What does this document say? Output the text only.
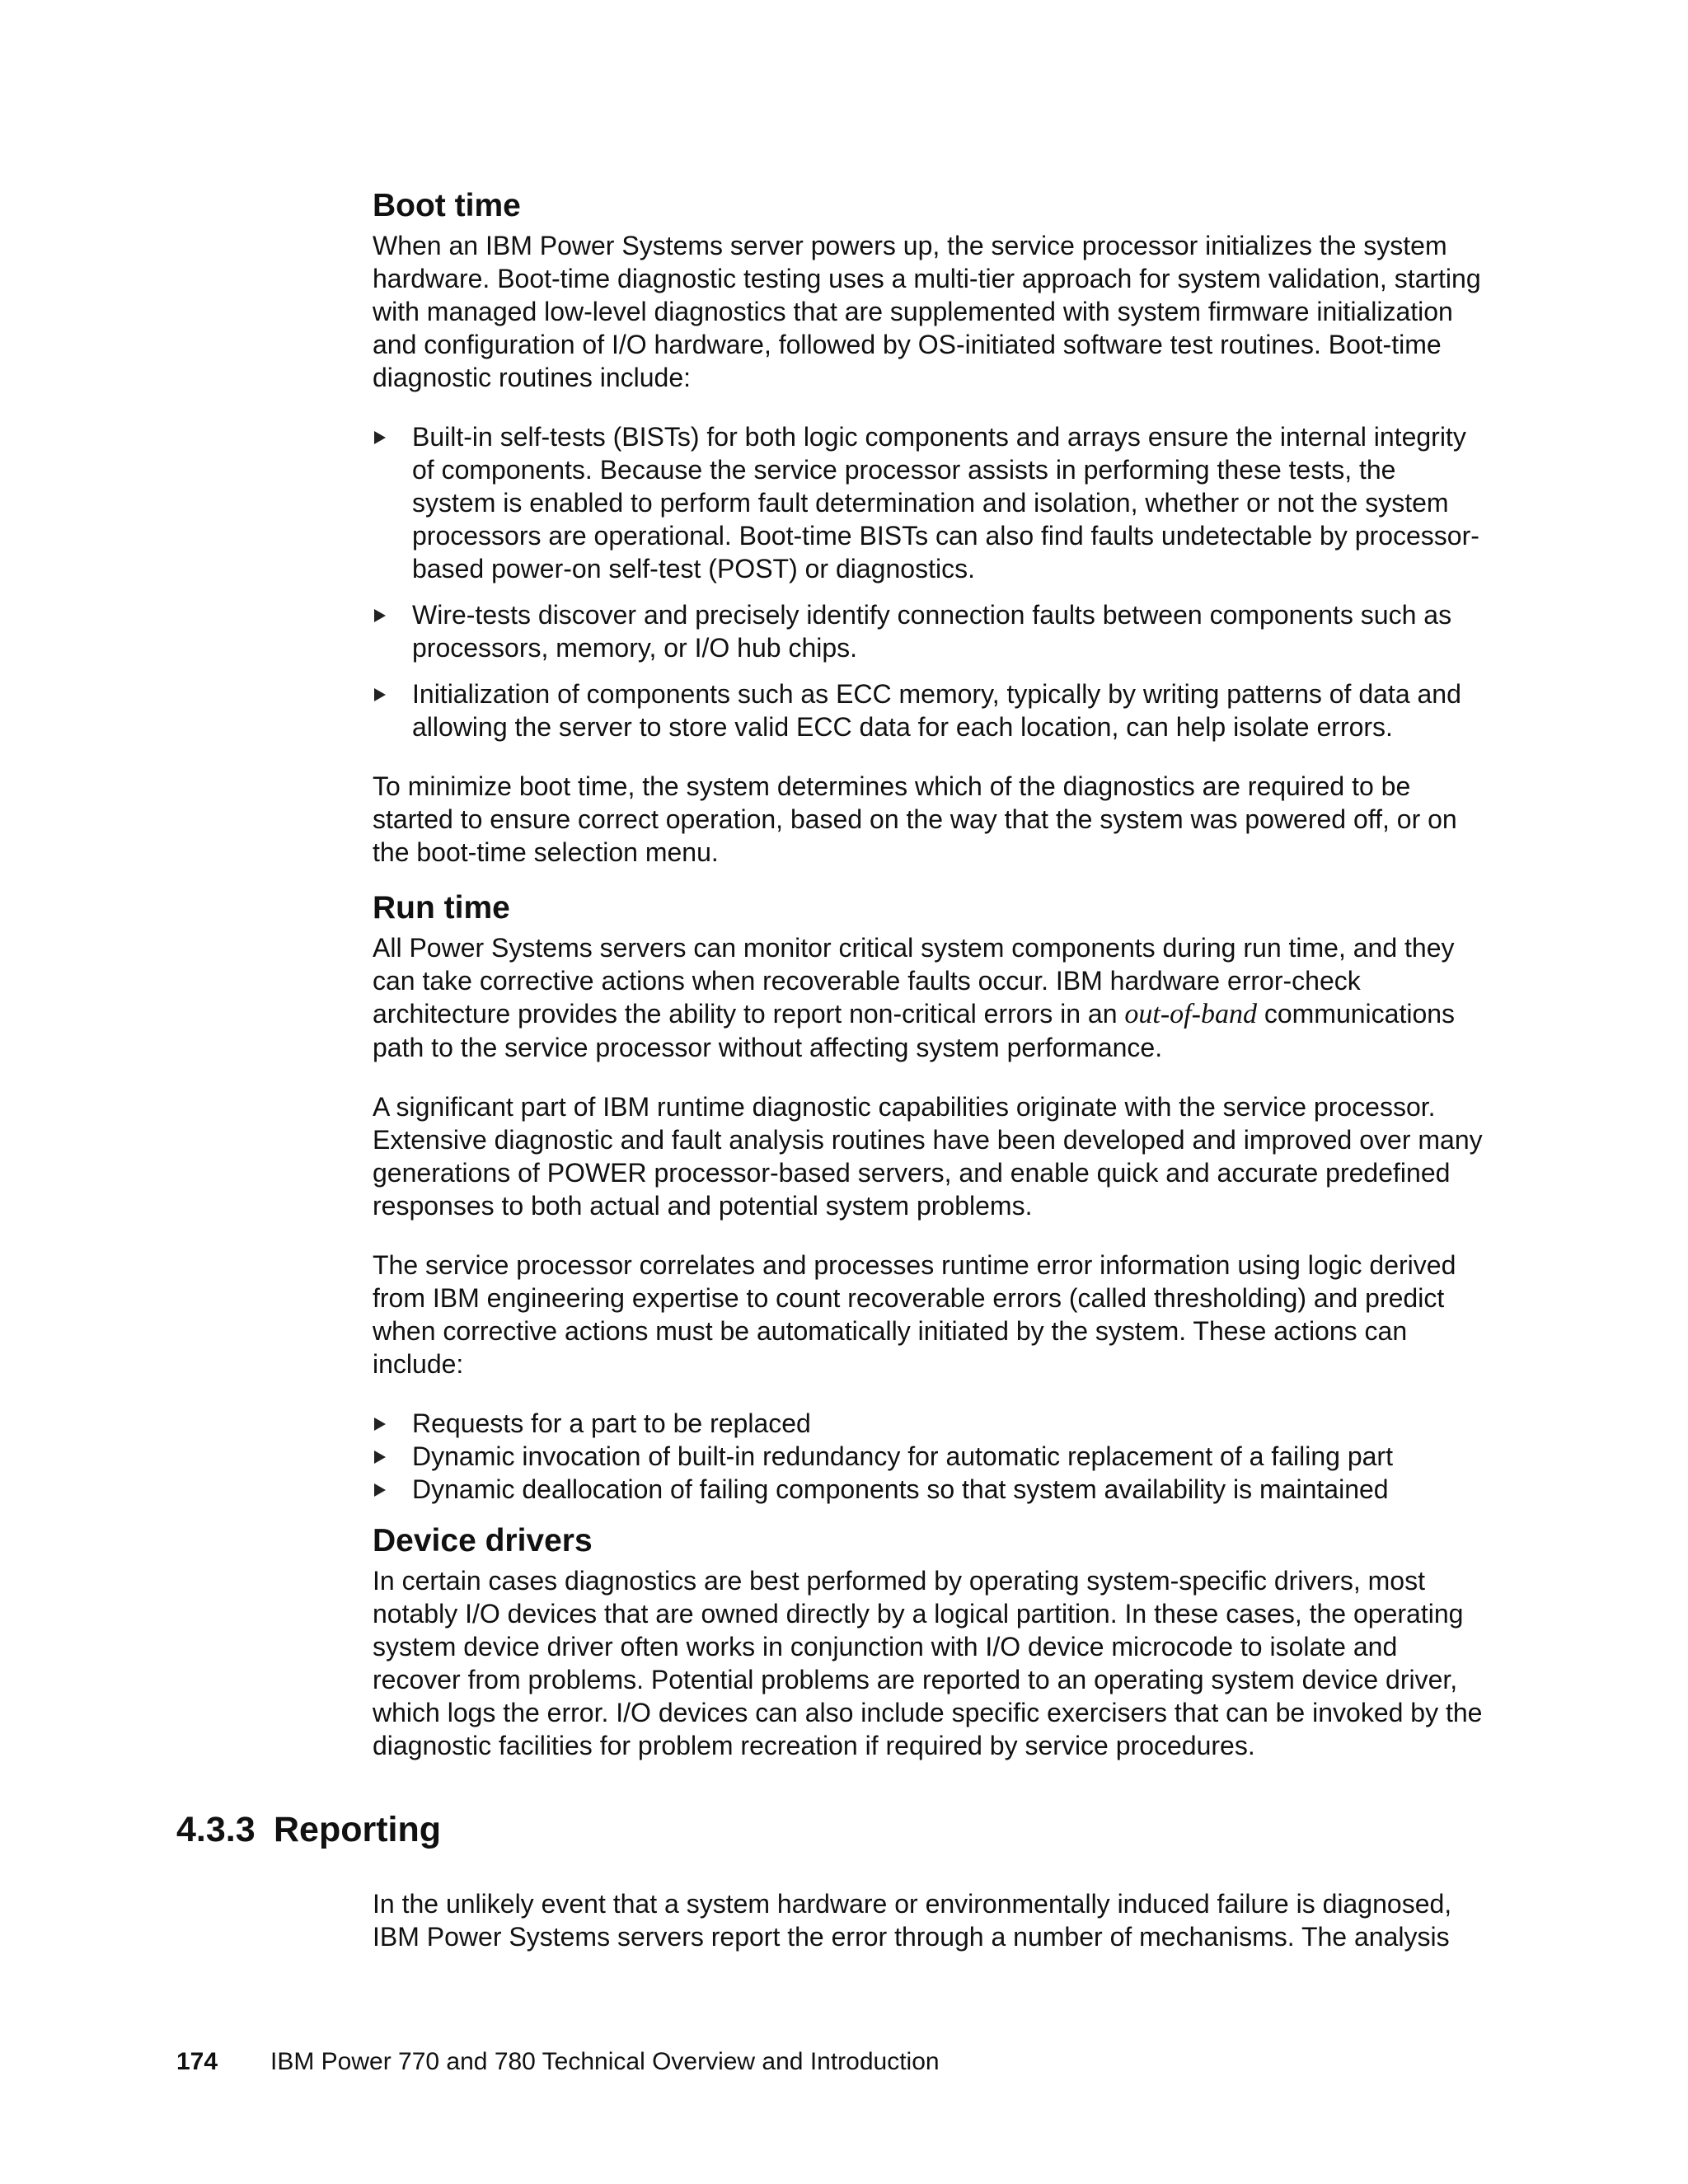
Boot time

When an IBM Power Systems server powers up, the service processor initializes the system hardware. Boot-time diagnostic testing uses a multi-tier approach for system validation, starting with managed low-level diagnostics that are supplemented with system firmware initialization and configuration of I/O hardware, followed by OS-initiated software test routines. Boot-time diagnostic routines include:

Built-in self-tests (BISTs) for both logic components and arrays ensure the internal integrity of components. Because the service processor assists in performing these tests, the system is enabled to perform fault determination and isolation, whether or not the system processors are operational. Boot-time BISTs can also find faults undetectable by processor-based power-on self-test (POST) or diagnostics.
Wire-tests discover and precisely identify connection faults between components such as processors, memory, or I/O hub chips.
Initialization of components such as ECC memory, typically by writing patterns of data and allowing the server to store valid ECC data for each location, can help isolate errors.

To minimize boot time, the system determines which of the diagnostics are required to be started to ensure correct operation, based on the way that the system was powered off, or on the boot-time selection menu.

Run time

All Power Systems servers can monitor critical system components during run time, and they can take corrective actions when recoverable faults occur. IBM hardware error-check architecture provides the ability to report non-critical errors in an out-of-band communications path to the service processor without affecting system performance.

A significant part of IBM runtime diagnostic capabilities originate with the service processor. Extensive diagnostic and fault analysis routines have been developed and improved over many generations of POWER processor-based servers, and enable quick and accurate predefined responses to both actual and potential system problems.

The service processor correlates and processes runtime error information using logic derived from IBM engineering expertise to count recoverable errors (called thresholding) and predict when corrective actions must be automatically initiated by the system. These actions can include:

Requests for a part to be replaced
Dynamic invocation of built-in redundancy for automatic replacement of a failing part
Dynamic deallocation of failing components so that system availability is maintained
Device drivers

In certain cases diagnostics are best performed by operating system-specific drivers, most notably I/O devices that are owned directly by a logical partition. In these cases, the operating system device driver often works in conjunction with I/O device microcode to isolate and recover from problems. Potential problems are reported to an operating system device driver, which logs the error. I/O devices can also include specific exercisers that can be invoked by the diagnostic facilities for problem recreation if required by service procedures.

4.3.3 Reporting

In the unlikely event that a system hardware or environmentally induced failure is diagnosed, IBM Power Systems servers report the error through a number of mechanisms. The analysis

174 IBM Power 770 and 780 Technical Overview and Introduction
